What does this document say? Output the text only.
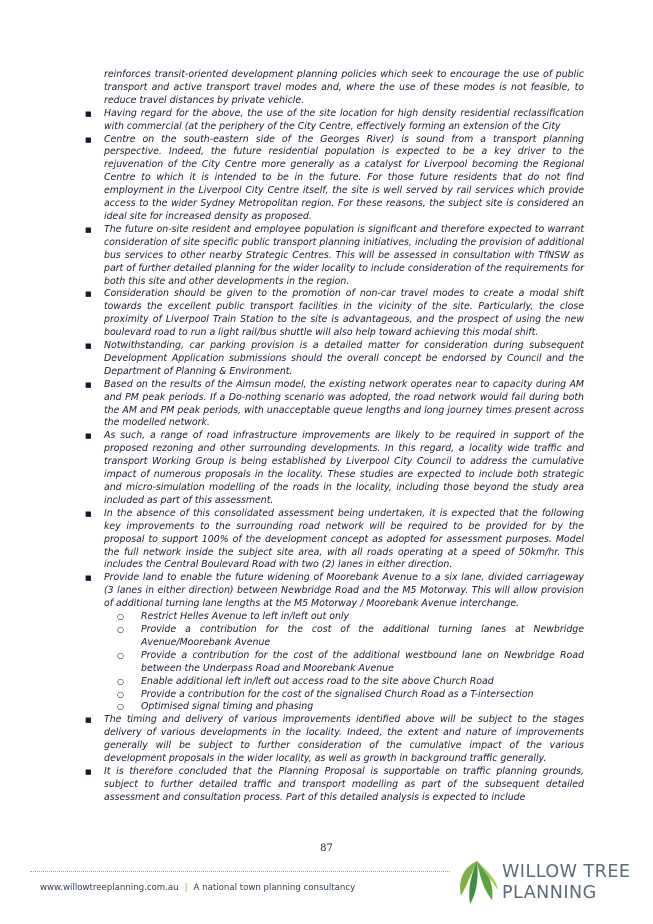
reinforces transit-oriented development planning policies which seek to encourage the use of public transport and active transport travel modes and, where the use of these modes is not feasible, to reduce travel distances by private vehicle.
■ Having regard for the above, the use of the site location for high density residential reclassification with commercial (at the periphery of the City Centre, effectively forming an extension of the City
■ Centre on the south-eastern side of the Georges River) is sound from a transport planning perspective. Indeed, the future residential population is expected to be a key driver to the rejuvenation of the City Centre more generally as a catalyst for Liverpool becoming the Regional Centre to which it is intended to be in the future. For those future residents that do not find employment in the Liverpool City Centre itself, the site is well served by rail services which provide access to the wider Sydney Metropolitan region. For these reasons, the subject site is considered an ideal site for increased density as proposed.
■ The future on-site resident and employee population is significant and therefore expected to warrant consideration of site specific public transport planning initiatives, including the provision of additional bus services to other nearby Strategic Centres. This will be assessed in consultation with TfNSW as part of further detailed planning for the wider locality to include consideration of the requirements for both this site and other developments in the region.
■ Consideration should be given to the promotion of non-car travel modes to create a modal shift towards the excellent public transport facilities in the vicinity of the site. Particularly, the close proximity of Liverpool Train Station to the site is advantageous, and the prospect of using the new boulevard road to run a light rail/bus shuttle will also help toward achieving this modal shift.
■ Notwithstanding, car parking provision is a detailed matter for consideration during subsequent Development Application submissions should the overall concept be endorsed by Council and the Department of Planning & Environment.
■ Based on the results of the Aimsun model, the existing network operates near to capacity during AM and PM peak periods. If a Do-nothing scenario was adopted, the road network would fail during both the AM and PM peak periods, with unacceptable queue lengths and long journey times present across the modelled network.
■ As such, a range of road infrastructure improvements are likely to be required in support of the proposed rezoning and other surrounding developments. In this regard, a locality wide traffic and transport Working Group is being established by Liverpool City Council to address the cumulative impact of numerous proposals in the locality. These studies are expected to include both strategic and micro-simulation modelling of the roads in the locality, including those beyond the study area included as part of this assessment.
■ In the absence of this consolidated assessment being undertaken, it is expected that the following key improvements to the surrounding road network will be required to be provided for by the proposal to support 100% of the development concept as adopted for assessment purposes. Model the full network inside the subject site area, with all roads operating at a speed of 50km/hr. This includes the Central Boulevard Road with two (2) lanes in either direction.
■ Provide land to enable the future widening of Moorebank Avenue to a six lane, divided carriageway (3 lanes in either direction) between Newbridge Road and the M5 Motorway. This will allow provision of additional turning lane lengths at the M5 Motorway / Moorebank Avenue interchange.
○ Restrict Helles Avenue to left in/left out only
○ Provide a contribution for the cost of the additional turning lanes at Newbridge Avenue/Moorebank Avenue
○ Provide a contribution for the cost of the additional westbound lane on Newbridge Road between the Underpass Road and Moorebank Avenue
○ Enable additional left in/left out access road to the site above Church Road
○ Provide a contribution for the cost of the signalised Church Road as a T-intersection
○ Optimised signal timing and phasing
■ The timing and delivery of various improvements identified above will be subject to the stages delivery of various developments in the locality. Indeed, the extent and nature of improvements generally will be subject to further consideration of the cumulative impact of the various development proposals in the wider locality, as well as growth in background traffic generally.
■ It is therefore concluded that the Planning Proposal is supportable on traffic planning grounds, subject to further detailed traffic and transport modelling as part of the subsequent detailed assessment and consultation process. Part of this detailed analysis is expected to include
87
www.willowtreeplanning.com.au | A national town planning consultancy
WILLOW TREE
PLANNING
